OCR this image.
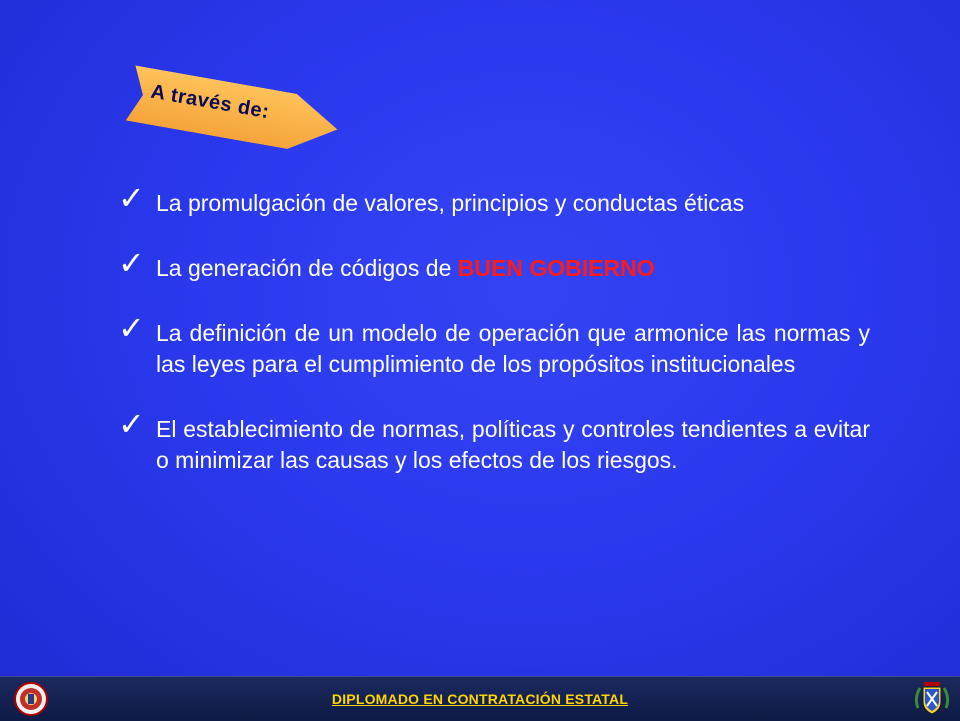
A través de:
✓ La promulgación de valores, principios y conductas éticas
✓ La generación de códigos de BUEN GOBIERNO
✓ La definición de un modelo de operación que armonice las normas y las leyes para el cumplimiento de los propósitos institucionales
✓ El establecimiento de normas, políticas y controles tendientes a evitar o minimizar las causas y los efectos de los riesgos.
DIPLOMADO EN CONTRATACIÓN ESTATAL
